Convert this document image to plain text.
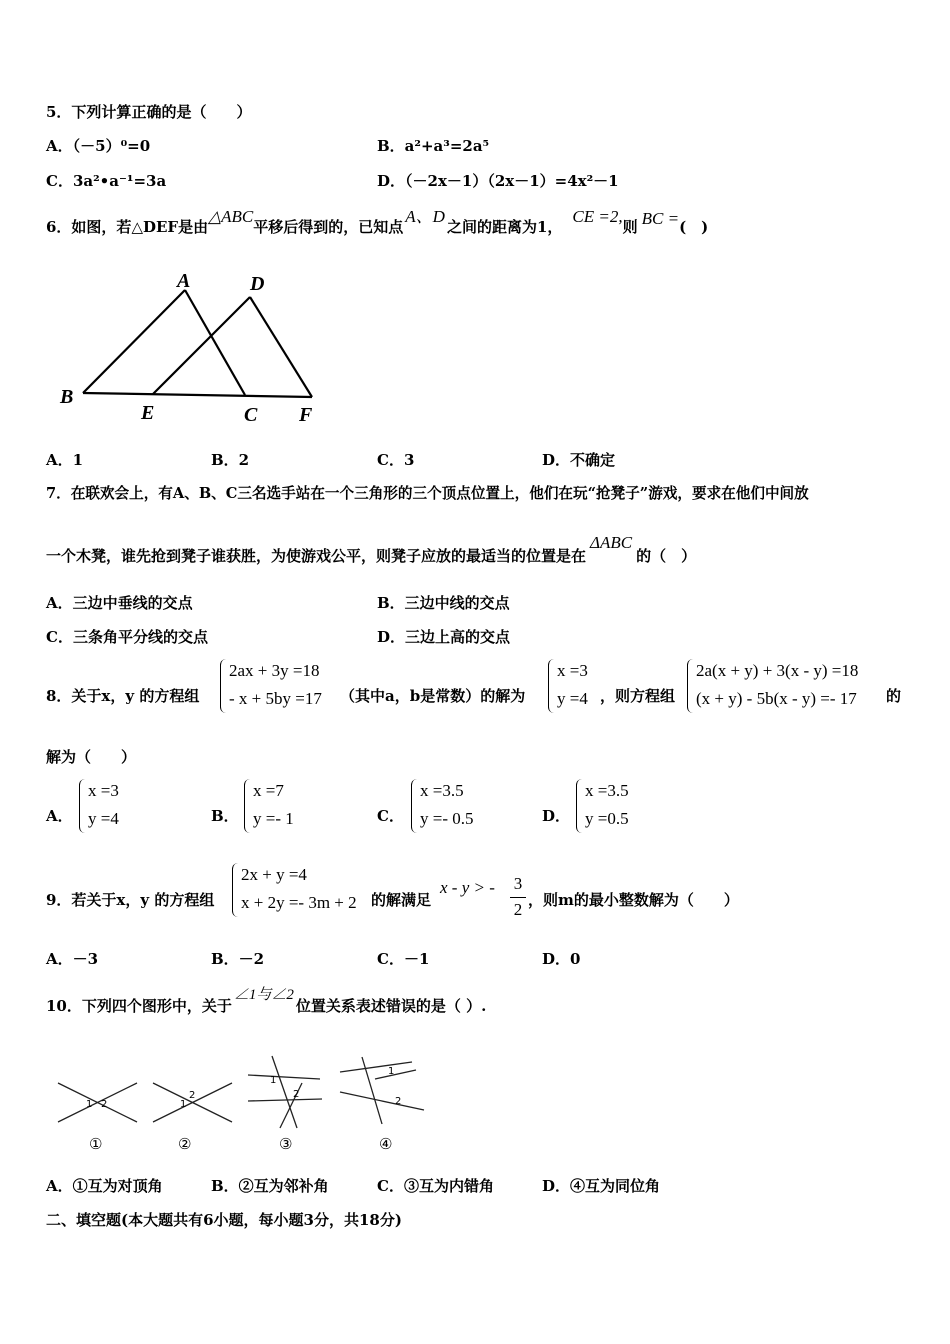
5．下列计算正确的是（　　）
A．（－5）⁰=0	B．a²+a³=2a⁵
C．3a²•a⁻¹=3a	D．（－2x－1）（2x－1）=4x²－1
6．如图，若△DEF是由△ABC平移后得到的，已知点A、D之间的距离为1，CE =2,则 BC =(　)
A	D
B
E	C F
A．1	B．2	C．3	D．不确定
7．在联欢会上，有A、B、C三名选手站在一个三角形的三个顶点位置上，他们在玩“抢凳子”游戏，要求在他们中间放
一个木凳，谁先抢到凳子谁获胜，为使游戏公平，则凳子应放的最适当的位置是在ΔABC的（　）
A．三边中垂线的交点	B．三边中线的交点
C．三条角平分线的交点	D．三边上高的交点
8．关于x，y 的方程组
2ax + 3y =18
- x + 5by =17 （其中a，b是常数）的解为
x =3
y =4 ，则方程组
2a(x + y) + 3(x - y) =18
(x + y) - 5b(x - y) =- 17 的
解为（　　）
A．
x =3
y =4	B．
x =7
y =- 1	C．
x =3.5
y =- 0.5	D．
x =3.5
y =0.5
9．若关于x，y 的方程组
2x + y =4
x + 2y =- 3m + 2 的解满足
x - y > - 3
2 ，则m的最小整数解为（　　）
A．－3	B．－2	C．－1	D．0
10．下列四个图形中，关于∠1与∠2位置关系表述错误的是（ ）.
1 2	1
2
1
2
1
2
①	②	③	④
A．①互为对顶角	B．②互为邻补角	C．③互为内错角	D．④互为同位角
二、填空题(本大题共有6小题，每小题3分，共18分)
